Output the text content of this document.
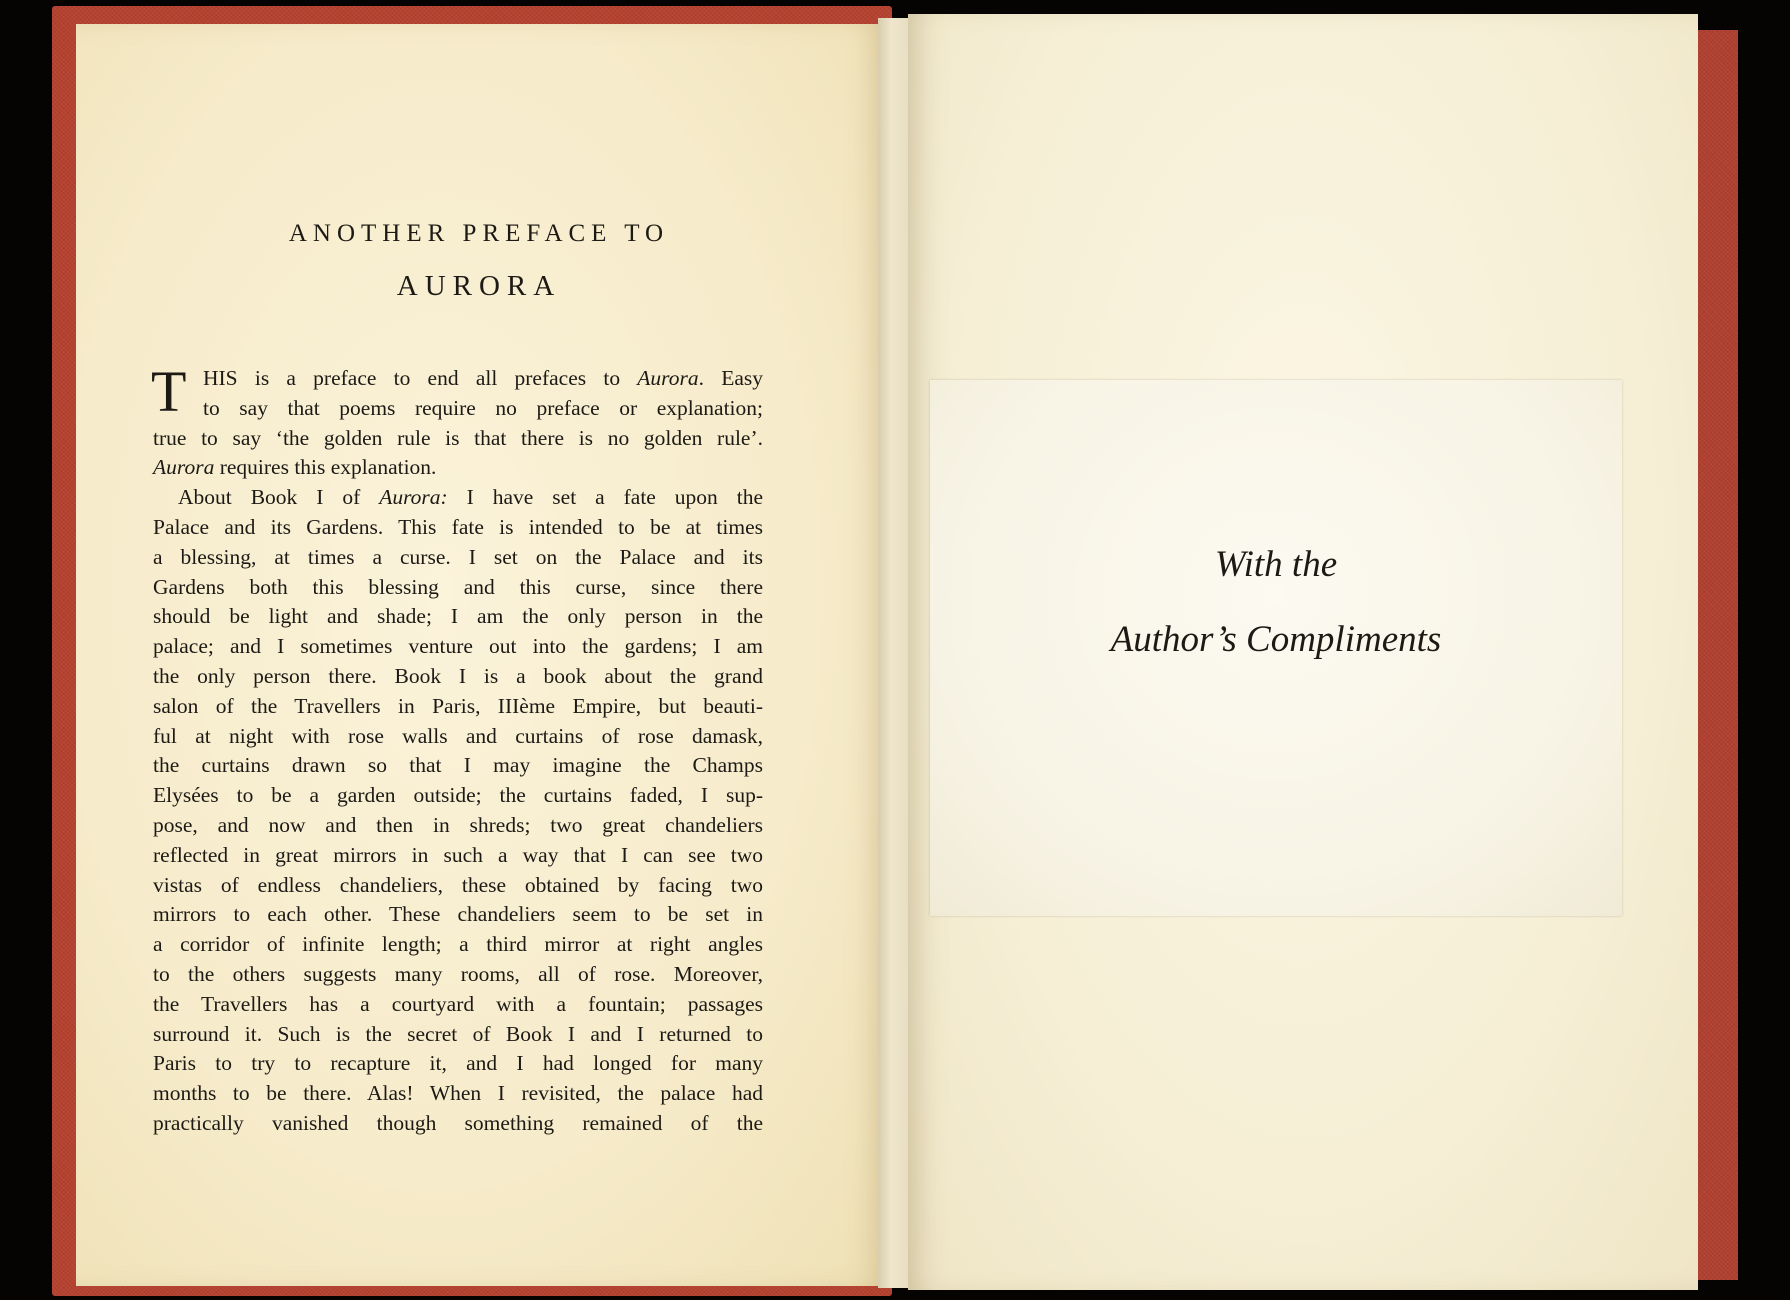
ANOTHER PREFACE TO
AURORA
T HIS is a preface to end all prefaces to Aurora. Easy
to say that poems require no preface or explanation;
true to say ‘the golden rule is that there is no golden rule’.
Aurora requires this explanation.
About Book I of Aurora: I have set a fate upon the
Palace and its Gardens. This fate is intended to be at times
a blessing, at times a curse. I set on the Palace and its
Gardens both this blessing and this curse, since there
should be light and shade; I am the only person in the
palace; and I sometimes venture out into the gardens; I am
the only person there. Book I is a book about the grand
salon of the Travellers in Paris, IIIème Empire, but beauti-
ful at night with rose walls and curtains of rose damask,
the curtains drawn so that I may imagine the Champs
Elysées to be a garden outside; the curtains faded, I sup-
pose, and now and then in shreds; two great chandeliers
reflected in great mirrors in such a way that I can see two
vistas of endless chandeliers, these obtained by facing two
mirrors to each other. These chandeliers seem to be set in
a corridor of infinite length; a third mirror at right angles
to the others suggests many rooms, all of rose. Moreover,
the Travellers has a courtyard with a fountain; passages
surround it. Such is the secret of Book I and I returned to
Paris to try to recapture it, and I had longed for many
months to be there. Alas! When I revisited, the palace had
practically vanished though something remained of the
With the
Author’s Compliments
